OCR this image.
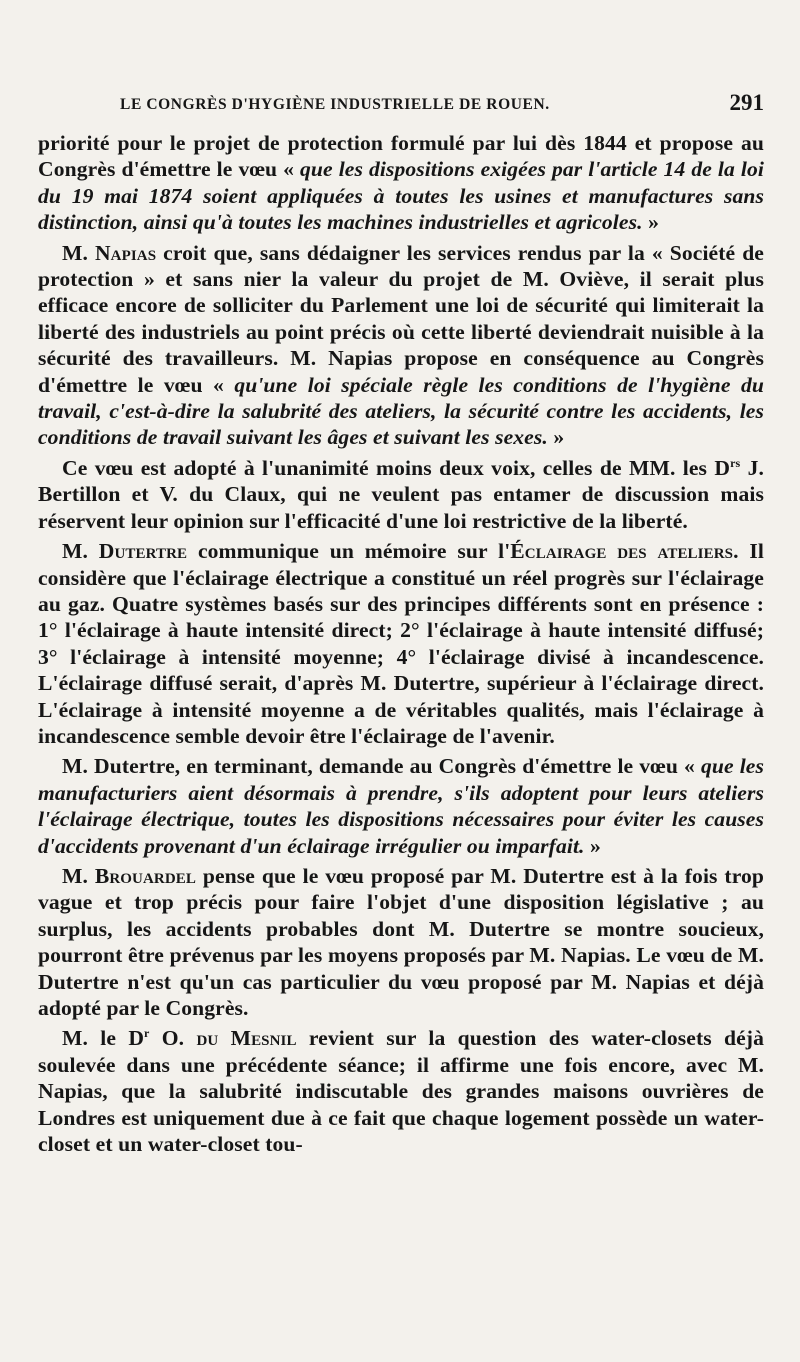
LE CONGRÈS D'HYGIÈNE INDUSTRIELLE DE ROUEN.	291

priorité pour le projet de protection formulé par lui dès 1844 et propose au Congrès d'émettre le vœu « que les dispositions exigées par l'article 14 de la loi du 19 mai 1874 soient appliquées à toutes les usines et manufactures sans distinction, ainsi qu'à toutes les machines industrielles et agricoles. »

M. Napias croit que, sans dédaigner les services rendus par la « Société de protection » et sans nier la valeur du projet de M. Oviève, il serait plus efficace encore de solliciter du Parlement une loi de sécurité qui limiterait la liberté des industriels au point précis où cette liberté deviendrait nuisible à la sécurité des travailleurs. M. Napias propose en conséquence au Congrès d'émettre le vœu « qu'une loi spéciale règle les conditions de l'hygiène du travail, c'est-à-dire la salubrité des ateliers, la sécurité contre les accidents, les conditions de travail suivant les âges et suivant les sexes. »

Ce vœu est adopté à l'unanimité moins deux voix, celles de MM. les $D^{rs}$ J. Bertillon et V. du Claux, qui ne veulent pas entamer de discussion mais réservent leur opinion sur l'efficacité d'une loi restrictive de la liberté.

M. Dutertre communique un mémoire sur l'Éclairage des ateliers. Il considère que l'éclairage électrique a constitué un réel progrès sur l'éclairage au gaz. Quatre systèmes basés sur des principes différents sont en présence : 1° l'éclairage à haute intensité direct; 2° l'éclairage à haute intensité diffusé; 3° l'éclairage à intensité moyenne; 4° l'éclairage divisé à incandescence. L'éclairage diffusé serait, d'après M. Dutertre, supérieur à l'éclairage direct. L'éclairage à intensité moyenne a de véritables qualités, mais l'éclairage à incandescence semble devoir être l'éclairage de l'avenir.

M. Dutertre, en terminant, demande au Congrès d'émettre le vœu « que les manufacturiers aient désormais à prendre, s'ils adoptent pour leurs ateliers l'éclairage électrique, toutes les dispositions nécessaires pour éviter les causes d'accidents provenant d'un éclairage irrégulier ou imparfait. »

M. Brouardel pense que le vœu proposé par M. Dutertre est à la fois trop vague et trop précis pour faire l'objet d'une disposition législative ; au surplus, les accidents probables dont M. Dutertre se montre soucieux, pourront être prévenus par les moyens proposés par M. Napias. Le vœu de M. Dutertre n'est qu'un cas particulier du vœu proposé par M. Napias et déjà adopté par le Congrès.

M. le $D^r$ O. du Mesnil revient sur la question des water-closets déjà soulevée dans une précédente séance; il affirme une fois encore, avec M. Napias, que la salubrité indiscutable des grandes maisons ouvrières de Londres est uniquement due à ce fait que chaque logement possède un water-closet et un water-closet tou-
